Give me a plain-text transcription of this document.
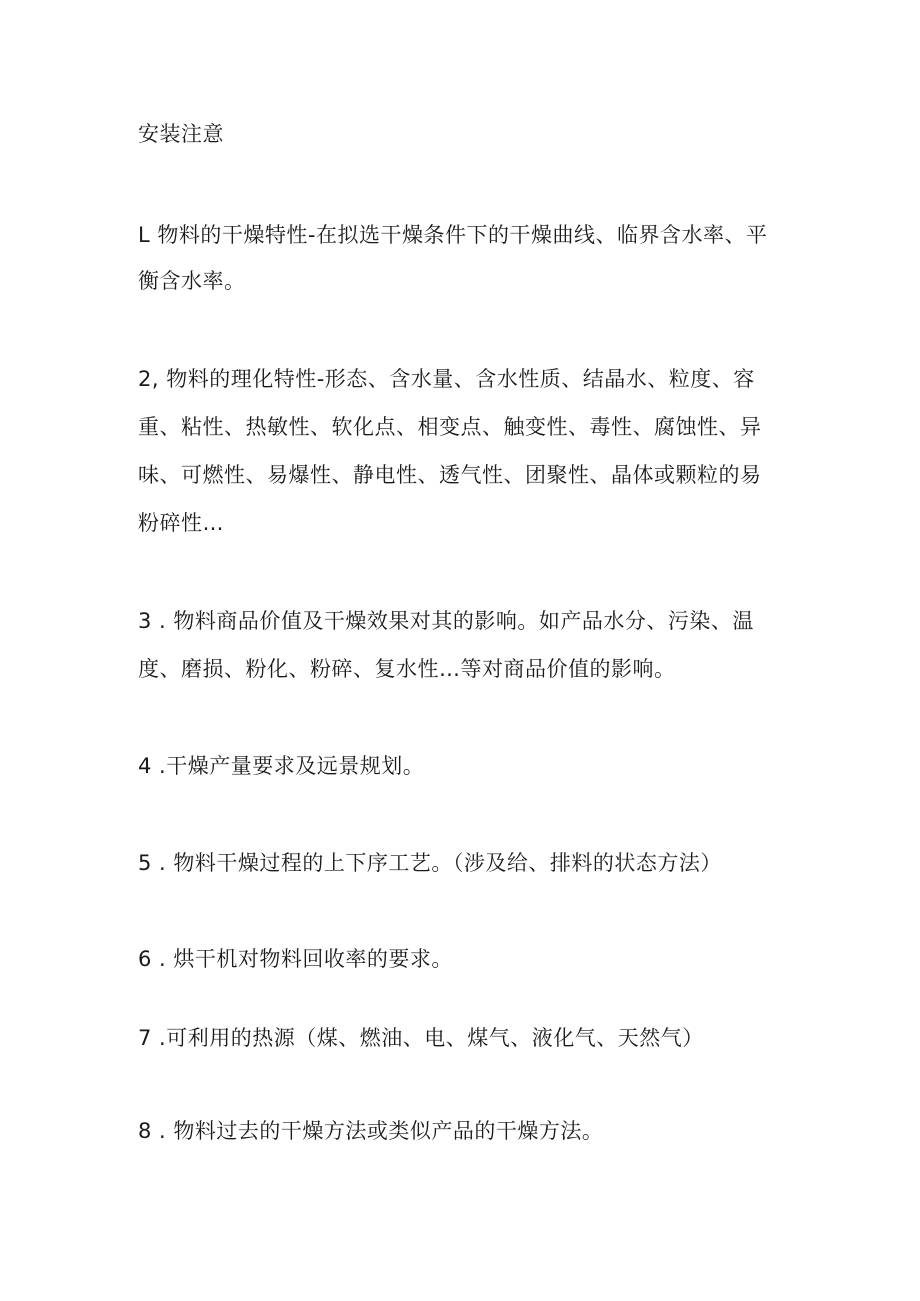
安装注意
L 物料的干燥特性-在拟选干燥条件下的干燥曲线、临界含水率、平
衡含水率。
2, 物料的理化特性-形态、含水量、含水性质、结晶水、粒度、容
重、粘性、热敏性、软化点、相变点、触变性、毒性、腐蚀性、异
味、可燃性、易爆性、静电性、透气性、团聚性、晶体或颗粒的易
粉碎性…
3 . 物料商品价值及干燥效果对其的影响。如产品水分、污染、温
度、磨损、粉化、粉碎、复水性…等对商品价值的影响。
4 .干燥产量要求及远景规划。
5 . 物料干燥过程的上下序工艺。（涉及给、排料的状态方法）
6 . 烘干机对物料回收率的要求。
7 .可利用的热源（煤、燃油、电、煤气、液化气、天然气）
8 . 物料过去的干燥方法或类似产品的干燥方法。
